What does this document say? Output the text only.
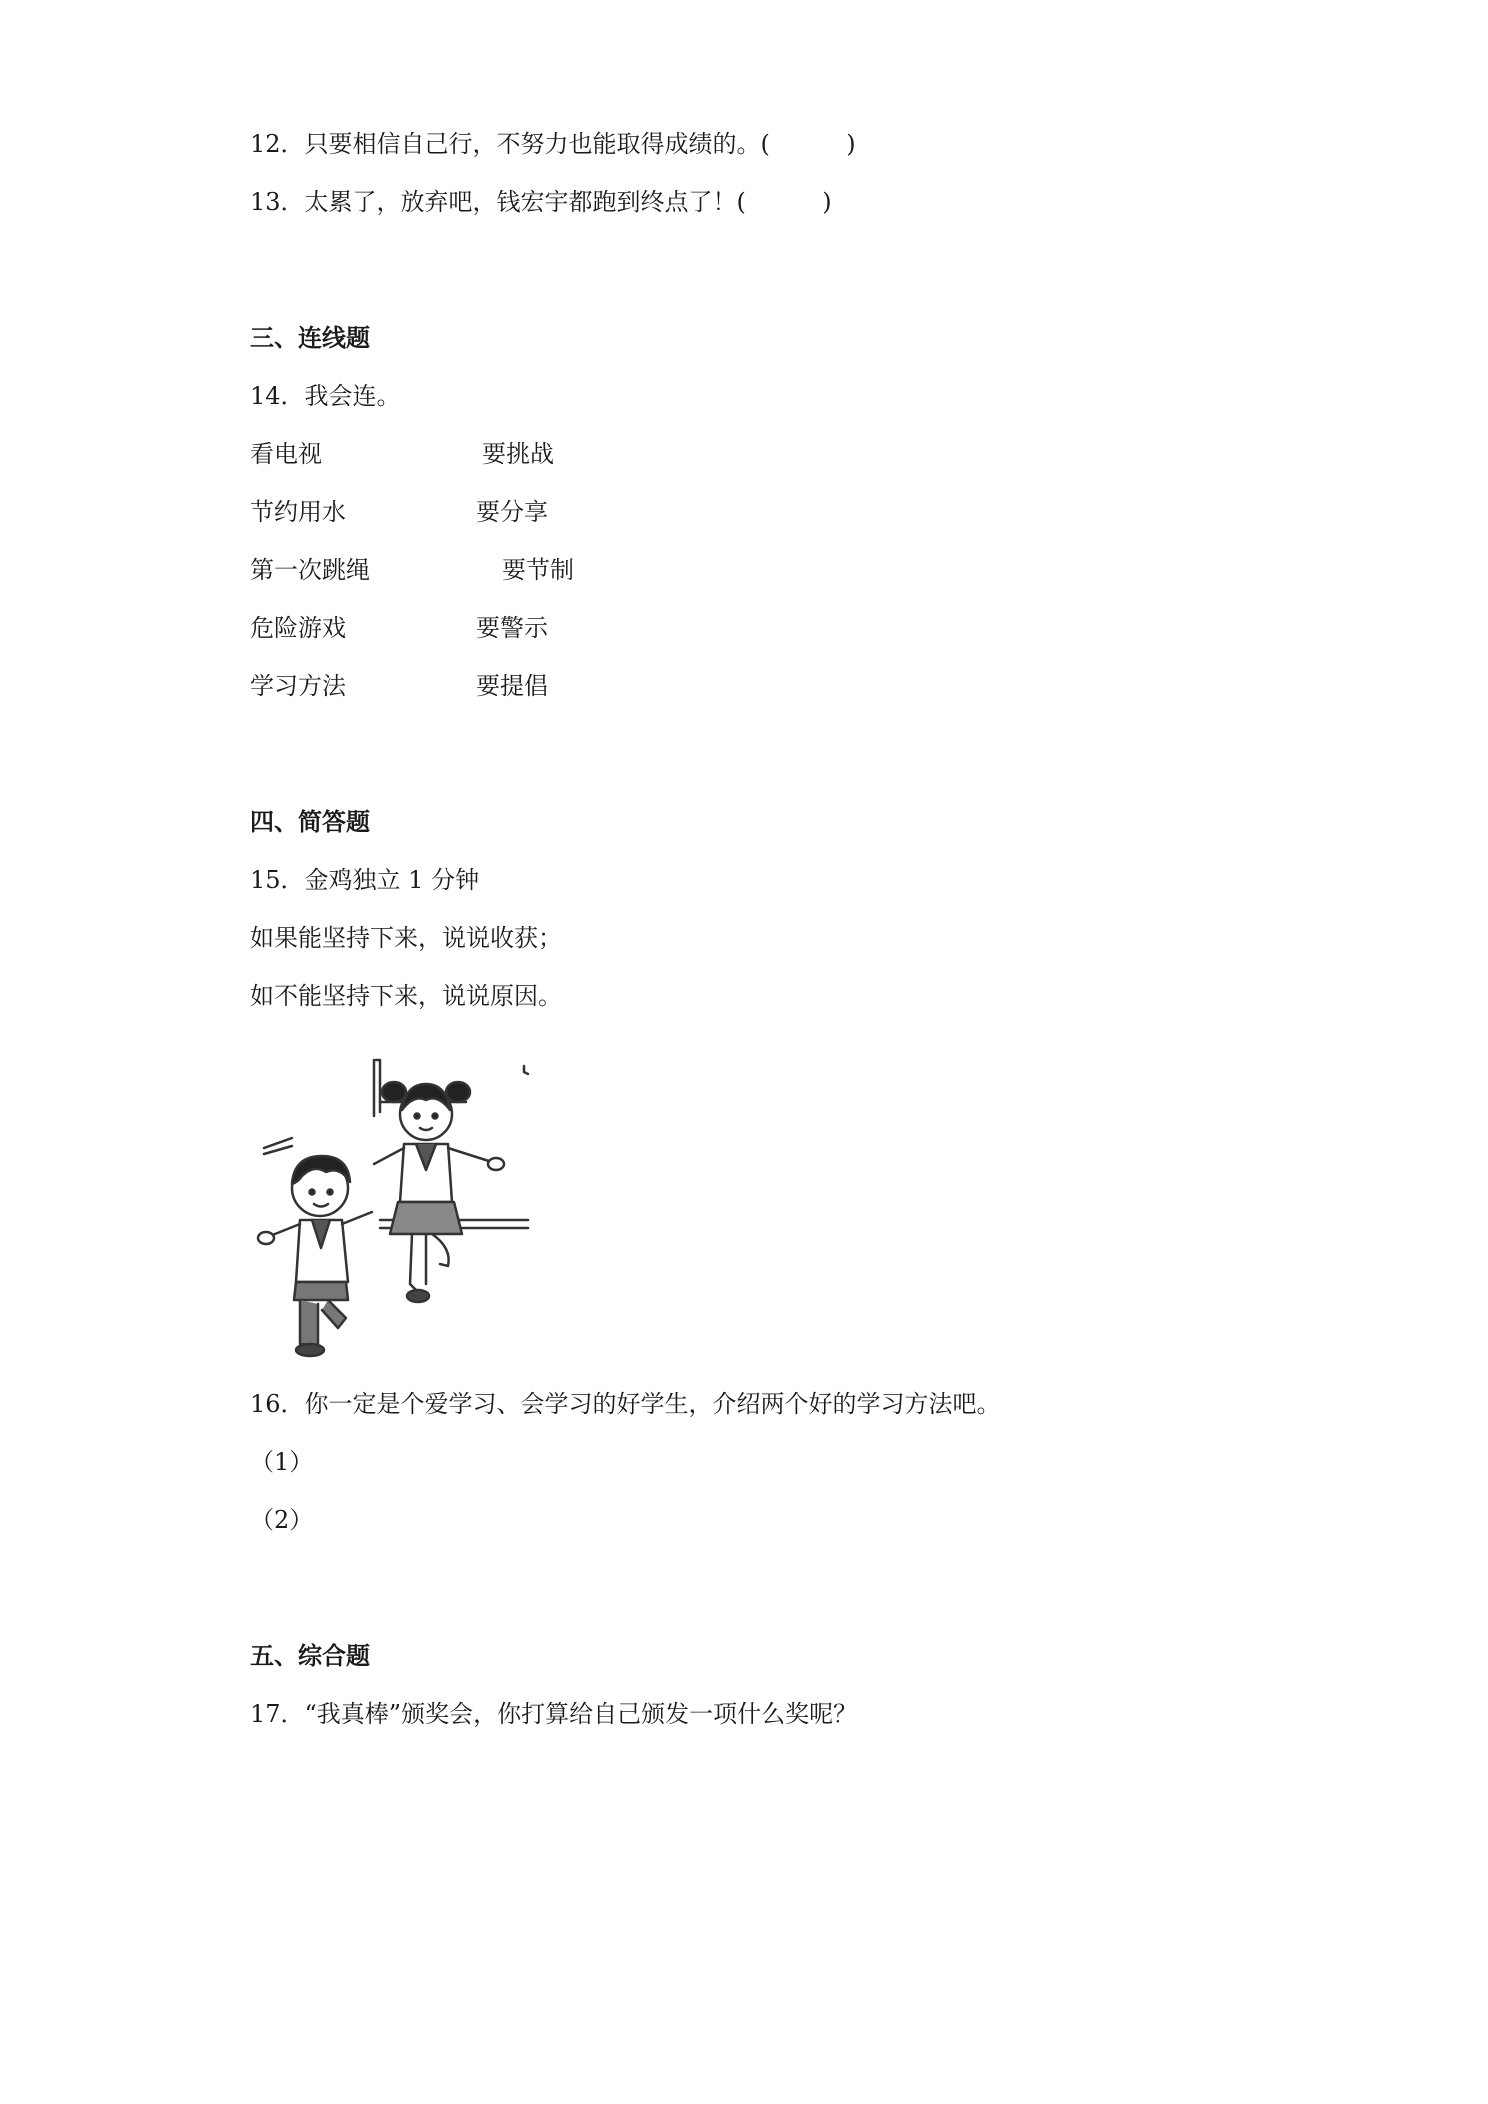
12．只要相信自己行，不努力也能取得成绩的。(          )
13．太累了，放弃吧，钱宏宇都跑到终点了！(          )
三、连线题
14．我会连。
看电视	要挑战
节约用水	要分享
第一次跳绳	要节制
危险游戏	要警示
学习方法	要提倡
四、简答题
15．金鸡独立 1 分钟
如果能坚持下来，说说收获；
如不能坚持下来，说说原因。
16．你一定是个爱学习、会学习的好学生，介绍两个好的学习方法吧。
（1）
（2）
五、综合题
17．“我真棒”颁奖会，你打算给自己颁发一项什么奖呢？
